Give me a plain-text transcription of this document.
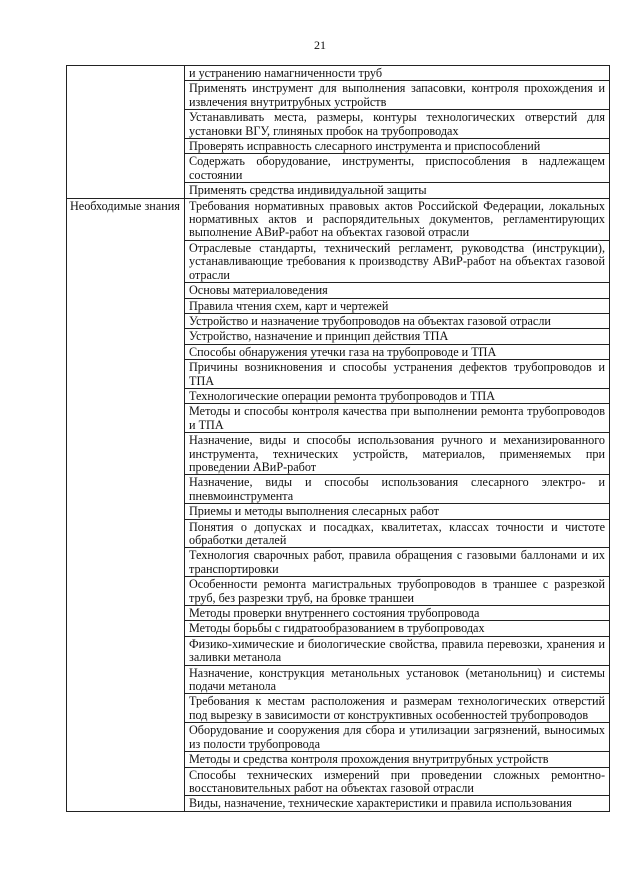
21
	и устранению намагниченности труб
	Применять инструмент для выполнения запасовки, контроля прохождения и извлечения внутритрубных устройств
	Устанавливать места, размеры, контуры технологических отверстий для установки ВГУ, глиняных пробок на трубопроводах
	Проверять исправность слесарного инструмента и приспособлений
	Содержать оборудование, инструменты, приспособления в надлежащем состоянии
	Применять средства индивидуальной защиты
Необходимые знания	Требования нормативных правовых актов Российской Федерации, локальных нормативных актов и распорядительных документов, регламентирующих выполнение АВиР-работ на объектах газовой отрасли
	Отраслевые стандарты, технический регламент, руководства (инструкции), устанавливающие требования к производству АВиР-работ на объектах газовой отрасли
	Основы материаловедения
	Правила чтения схем, карт и чертежей
	Устройство и назначение трубопроводов на объектах газовой отрасли
	Устройство, назначение и принцип действия ТПА
	Способы обнаружения утечки газа на трубопроводе и ТПА
	Причины возникновения и способы устранения дефектов трубопроводов и ТПА
	Технологические операции ремонта трубопроводов и ТПА
	Методы и способы контроля качества при выполнении ремонта трубопроводов и ТПА
	Назначение, виды и способы использования ручного и механизированного инструмента, технических устройств, материалов, применяемых при проведении АВиР-работ
	Назначение, виды и способы использования слесарного электро- и пневмоинструмента
	Приемы и методы выполнения слесарных работ
	Понятия о допусках и посадках, квалитетах, классах точности и чистоте обработки деталей
	Технология сварочных работ, правила обращения с газовыми баллонами и их транспортировки
	Особенности ремонта магистральных трубопроводов в траншее с разрезкой труб, без разрезки труб, на бровке траншеи
	Методы проверки внутреннего состояния трубопровода
	Методы борьбы с гидратообразованием в трубопроводах
	Физико-химические и биологические свойства, правила перевозки, хранения и заливки метанола
	Назначение, конструкция метанольных установок (метанольниц) и системы подачи метанола
	Требования к местам расположения и размерам технологических отверстий под вырезку в зависимости от конструктивных особенностей трубопроводов
	Оборудование и сооружения для сбора и утилизации загрязнений, выносимых из полости трубопровода
	Методы и средства контроля прохождения внутритрубных устройств
	Способы технических измерений при проведении сложных ремонтно-восстановительных работ на объектах газовой отрасли
	Виды, назначение, технические характеристики и правила использования
